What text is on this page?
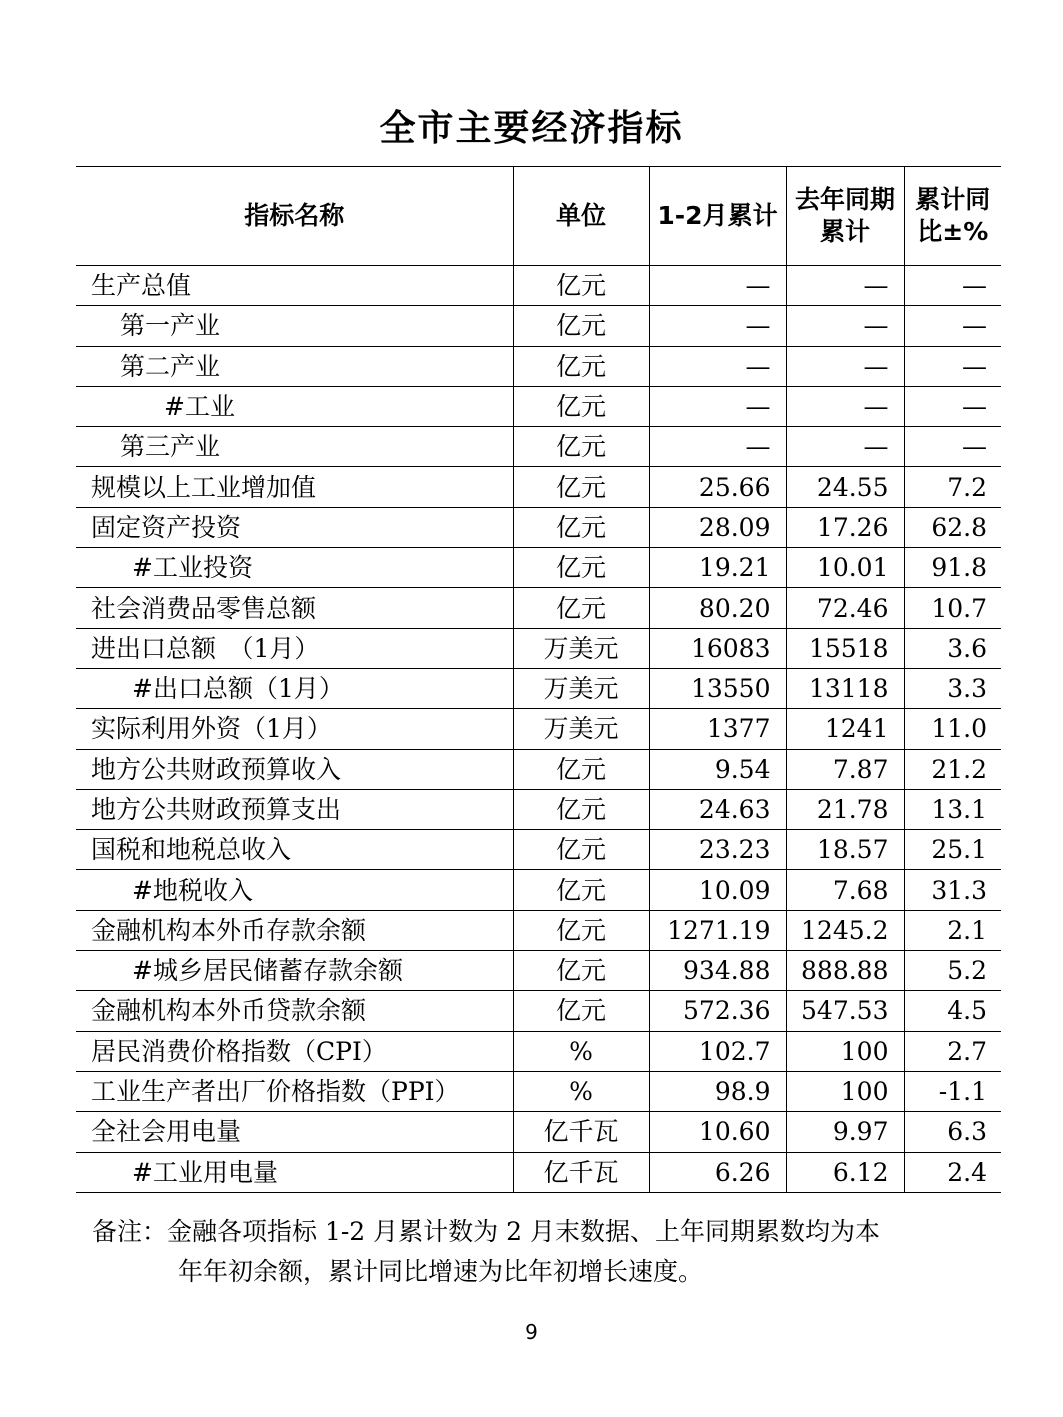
全市主要经济指标
指标名称	单位	1-2月累计	去年同期累计	累计同比±%
生产总值	亿元	—	—	—
第一产业	亿元	—	—	—
第二产业	亿元	—	—	—
#工业	亿元	—	—	—
第三产业	亿元	—	—	—
规模以上工业增加值	亿元	25.66	24.55	7.2
固定资产投资	亿元	28.09	17.26	62.8
#工业投资	亿元	19.21	10.01	91.8
社会消费品零售总额	亿元	80.20	72.46	10.7
进出口总额　（1月）	万美元	16083	15518	3.6
#出口总额（1月）	万美元	13550	13118	3.3
实际利用外资（1月）	万美元	1377	1241	11.0
地方公共财政预算收入	亿元	9.54	7.87	21.2
地方公共财政预算支出	亿元	24.63	21.78	13.1
国税和地税总收入	亿元	23.23	18.57	25.1
#地税收入	亿元	10.09	7.68	31.3
金融机构本外币存款余额	亿元	1271.19	1245.2	2.1
#城乡居民储蓄存款余额	亿元	934.88	888.88	5.2
金融机构本外币贷款余额	亿元	572.36	547.53	4.5
居民消费价格指数（CPI）	%	102.7	100	2.7
工业生产者出厂价格指数（PPI）	%	98.9	100	-1.1
全社会用电量	亿千瓦	10.60	9.97	6.3
#工业用电量	亿千瓦	6.26	6.12	2.4
备注：金融各项指标 1-2 月累计数为 2 月末数据、上年同期累数均为本
年年初余额，累计同比增速为比年初增长速度。
9
